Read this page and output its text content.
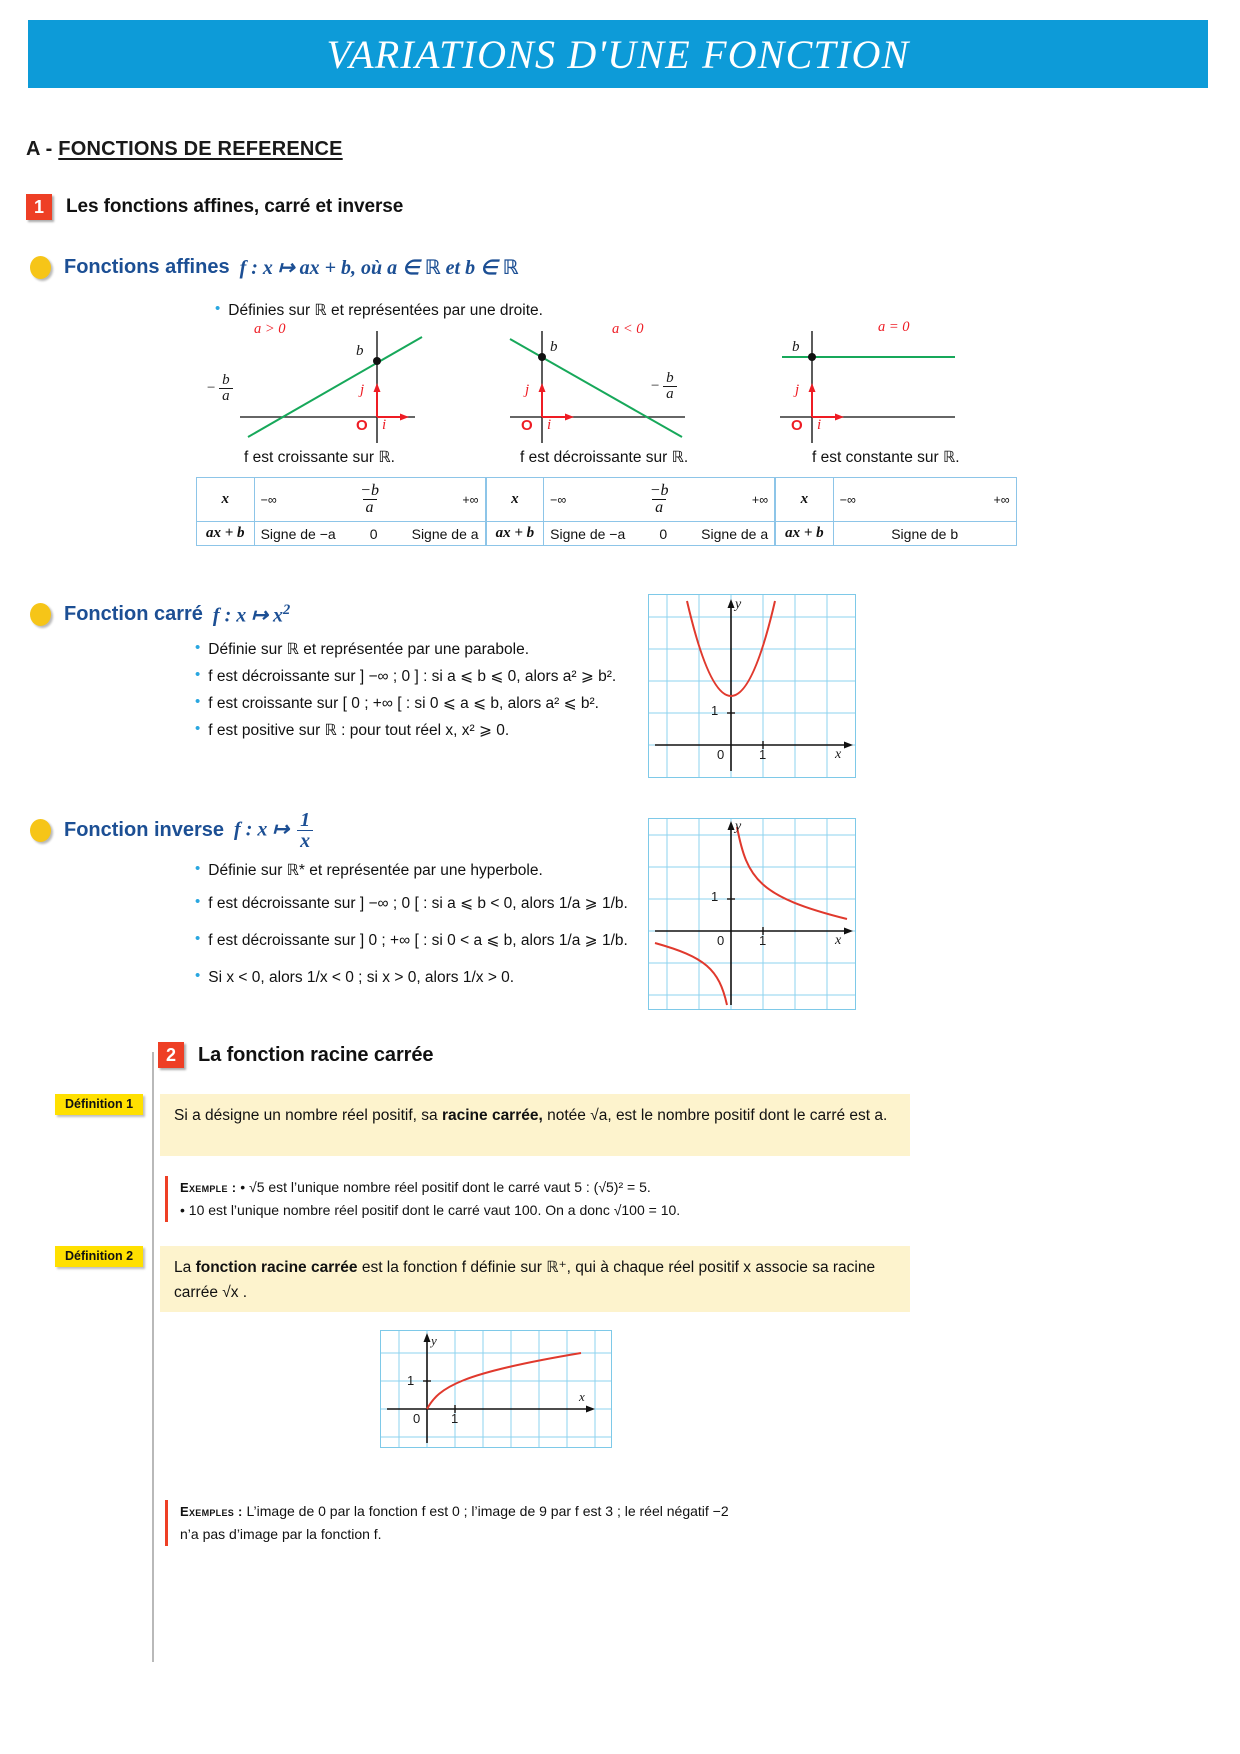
VARIATIONS D'UNE FONCTION
A - FONCTIONS DE REFERENCE
1	Les fonctions affines, carré et inverse
Fonctions affines f : x ↦ ax + b, où a ∈ ℝ et b ∈ ℝ
• Définies sur ℝ et représentées par une droite.
a > 0
b
− $\frac{b}{a}$
O
j
i
f est croissante sur ℝ.
a < 0
b
− $\frac{b}{a}$
O
j
i
f est décroissante sur ℝ.
a = 0
b
O
j
i
f est constante sur ℝ.
x	−∞ $\frac{-b}{a}$ +∞

ax + b	Signe de −a 0 Signe de a
x	−∞ $\frac{-b}{a}$ +∞

ax + b	Signe de −a 0 Signe de a
x	−∞ +∞

ax + b	Signe de b
Fonction carré f : x ↦ $x^2$
• Définie sur ℝ et représentée par une parabole.
• f est décroissante sur ] −∞ ; 0 ] : si a ⩽ b ⩽ 0, alors a² ⩾ b².
• f est croissante sur [ 0 ; +∞ [ : si 0 ⩽ a ⩽ b, alors a² ⩽ b².
• f est positive sur ℝ : pour tout réel x, x² ⩾ 0.
y
x
0	1
1
Fonction inverse f : x ↦ $\frac{1}{x}$
• Définie sur ℝ* et représentée par une hyperbole.
• f est décroissante sur ] −∞ ; 0 [ : si a ⩽ b < 0, alors 1/a ⩾ 1/b.
• f est décroissante sur ] 0 ; +∞ [ : si 0 < a ⩽ b, alors 1/a ⩾ 1/b.
• Si x < 0, alors 1/x < 0 ; si x > 0, alors 1/x > 0.
y
x
0	1
1
2	La fonction racine carrée
Si a désigne un nombre réel positif, sa racine carrée, notée √a, est le nombre positif dont le carré est a.
Définition 1
Exemple : • √5 est l’unique nombre réel positif dont le carré vaut 5 : (√5)² = 5.
• 10 est l’unique nombre réel positif dont le carré vaut 100. On a donc √100 = 10.
La fonction racine carrée est la fonction f définie sur ℝ⁺, qui à chaque réel positif x associe sa racine carrée √x .
Définition 2
y
x
0 1
1
Exemples : L’image de 0 par la fonction f est 0 ; l’image de 9 par f est 3 ; le réel négatif −2
n’a pas d’image par la fonction f.
